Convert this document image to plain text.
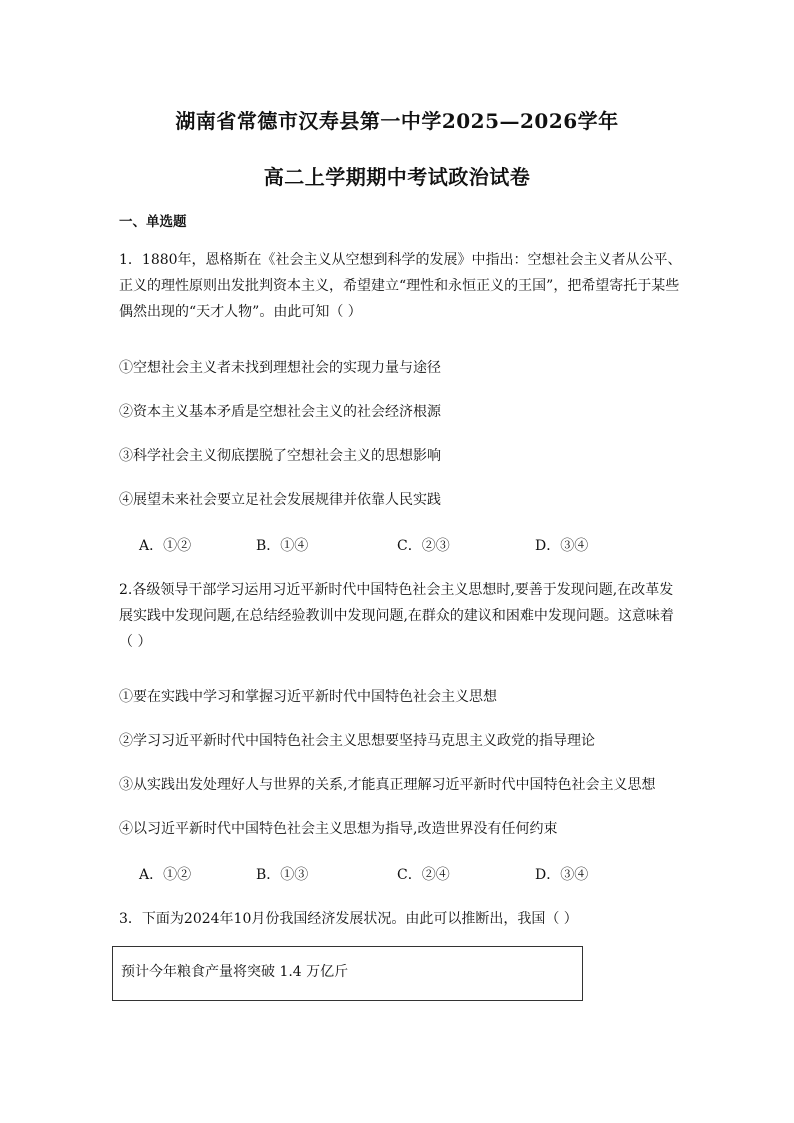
湖南省常德市汉寿县第一中学2025—2026学年
高二上学期期中考试政治试卷
一、单选题
1．1880年，恩格斯在《社会主义从空想到科学的发展》中指出：空想社会主义者从公平、正义的理性原则出发批判资本主义，希望建立“理性和永恒正义的王国”，把希望寄托于某些偶然出现的“天才人物”。由此可知（ ）
①空想社会主义者未找到理想社会的实现力量与途径
②资本主义基本矛盾是空想社会主义的社会经济根源
③科学社会主义彻底摆脱了空想社会主义的思想影响
④展望未来社会要立足社会发展规律并依靠人民实践
A．①②	B．①④	C．②③	D．③④
2.各级领导干部学习运用习近平新时代中国特色社会主义思想时,要善于发现问题,在改革发展实践中发现问题,在总结经验教训中发现问题,在群众的建议和困难中发现问题。这意味着（ ）
①要在实践中学习和掌握习近平新时代中国特色社会主义思想
②学习习近平新时代中国特色社会主义思想要坚持马克思主义政党的指导理论
③从实践出发处理好人与世界的关系,才能真正理解习近平新时代中国特色社会主义思想
④以习近平新时代中国特色社会主义思想为指导,改造世界没有任何约束
A．①②	B．①③	C．②④	D．③④
3．下面为2024年10月份我国经济发展状况。由此可以推断出，我国（ ）
预计今年粮食产量将突破 1.4 万亿斤
